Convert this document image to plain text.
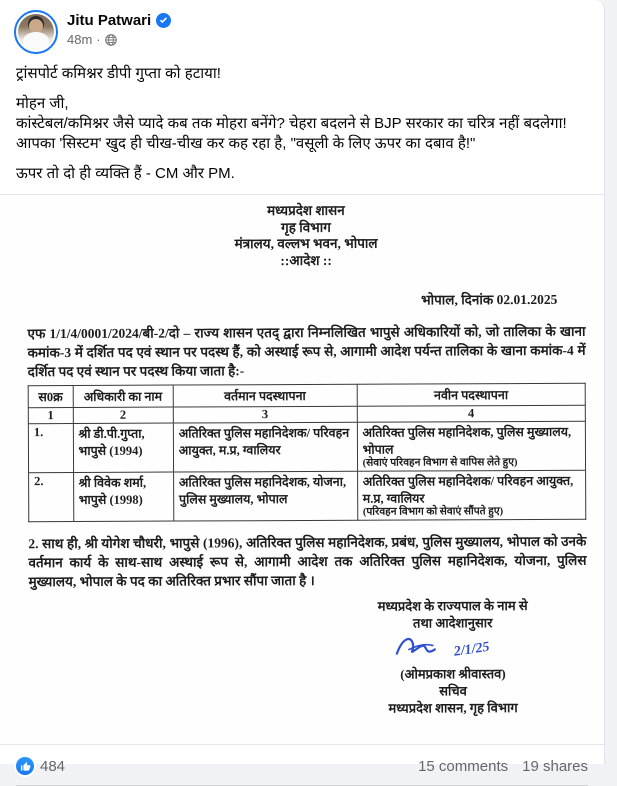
Jitu Patwari
48m ·
ट्रांसपोर्ट कमिश्नर डीपी गुप्ता को हटाया!
मोहन जी,
कांस्टेबल/कमिश्नर जैसे प्यादे कब तक मोहरा बनेंगे? चेहरा बदलने से BJP सरकार का चरित्र नहीं बदलेगा! आपका 'सिस्टम' खुद ही चीख-चीख कर कह रहा है, "वसूली के लिए ऊपर का दबाव है!"
ऊपर तो दो ही व्यक्ति हैं - CM और PM.
मध्यप्रदेश शासन
गृह विभाग
मंत्रालय, वल्लभ भवन, भोपाल
::आदेश ::
भोपाल, दिनांक 02.01.2025
एफ 1/1/4/0001/2024/बी-2/दो – राज्य शासन एतद् द्वारा निम्नलिखित भापुसे अधिकारियों को, जो तालिका के खाना कमांक-3 में दर्शित पद एवं स्थान पर पदस्थ हैं, को अस्थाई रूप से, आगामी आदेश पर्यन्त तालिका के खाना कमांक-4 में दर्शित पद एवं स्थान पर पदस्थ किया जाता है:-
स0क्र	अधिकारी का नाम	वर्तमान पदस्थापना	नवीन पदस्थापना
1	2	3	4
1.	श्री डी.पी.गुप्ता, भापुसे (1994)	अतिरिक्त पुलिस महानिदेशक/ परिवहन आयुक्त, म.प्र, ग्वालियर	अतिरिक्त पुलिस महानिदेशक, पुलिस मुख्यालय, भोपाल
(सेवाएं परिवहन विभाग से वापिस लेते हुए)

2.	श्री विवेक शर्मा, भापुसे (1998)	अतिरिक्त पुलिस महानिदेशक, योजना, पुलिस मुख्यालय, भोपाल	अतिरिक्त पुलिस महानिदेशक/ परिवहन आयुक्त, म.प्र, ग्वालियर
(परिवहन विभाग को सेवाएं सौंपते हुए)
2. साथ ही, श्री योगेश चौधरी, भापुसे (1996), अतिरिक्त पुलिस महानिदेशक, प्रबंध, पुलिस मुख्यालय, भोपाल को उनके वर्तमान कार्य के साथ-साथ अस्थाई रूप से, आगामी आदेश तक अतिरिक्त पुलिस महानिदेशक, योजना, पुलिस मुख्यालय, भोपाल के पद का अतिरिक्त प्रभार सौंपा जाता है ।
मध्यप्रदेश के राज्यपाल के नाम से
तथा आदेशानुसार
2/1/25
(ओमप्रकाश श्रीवास्तव)
सचिव
मध्यप्रदेश शासन, गृह विभाग
484	15 comments 19 shares
